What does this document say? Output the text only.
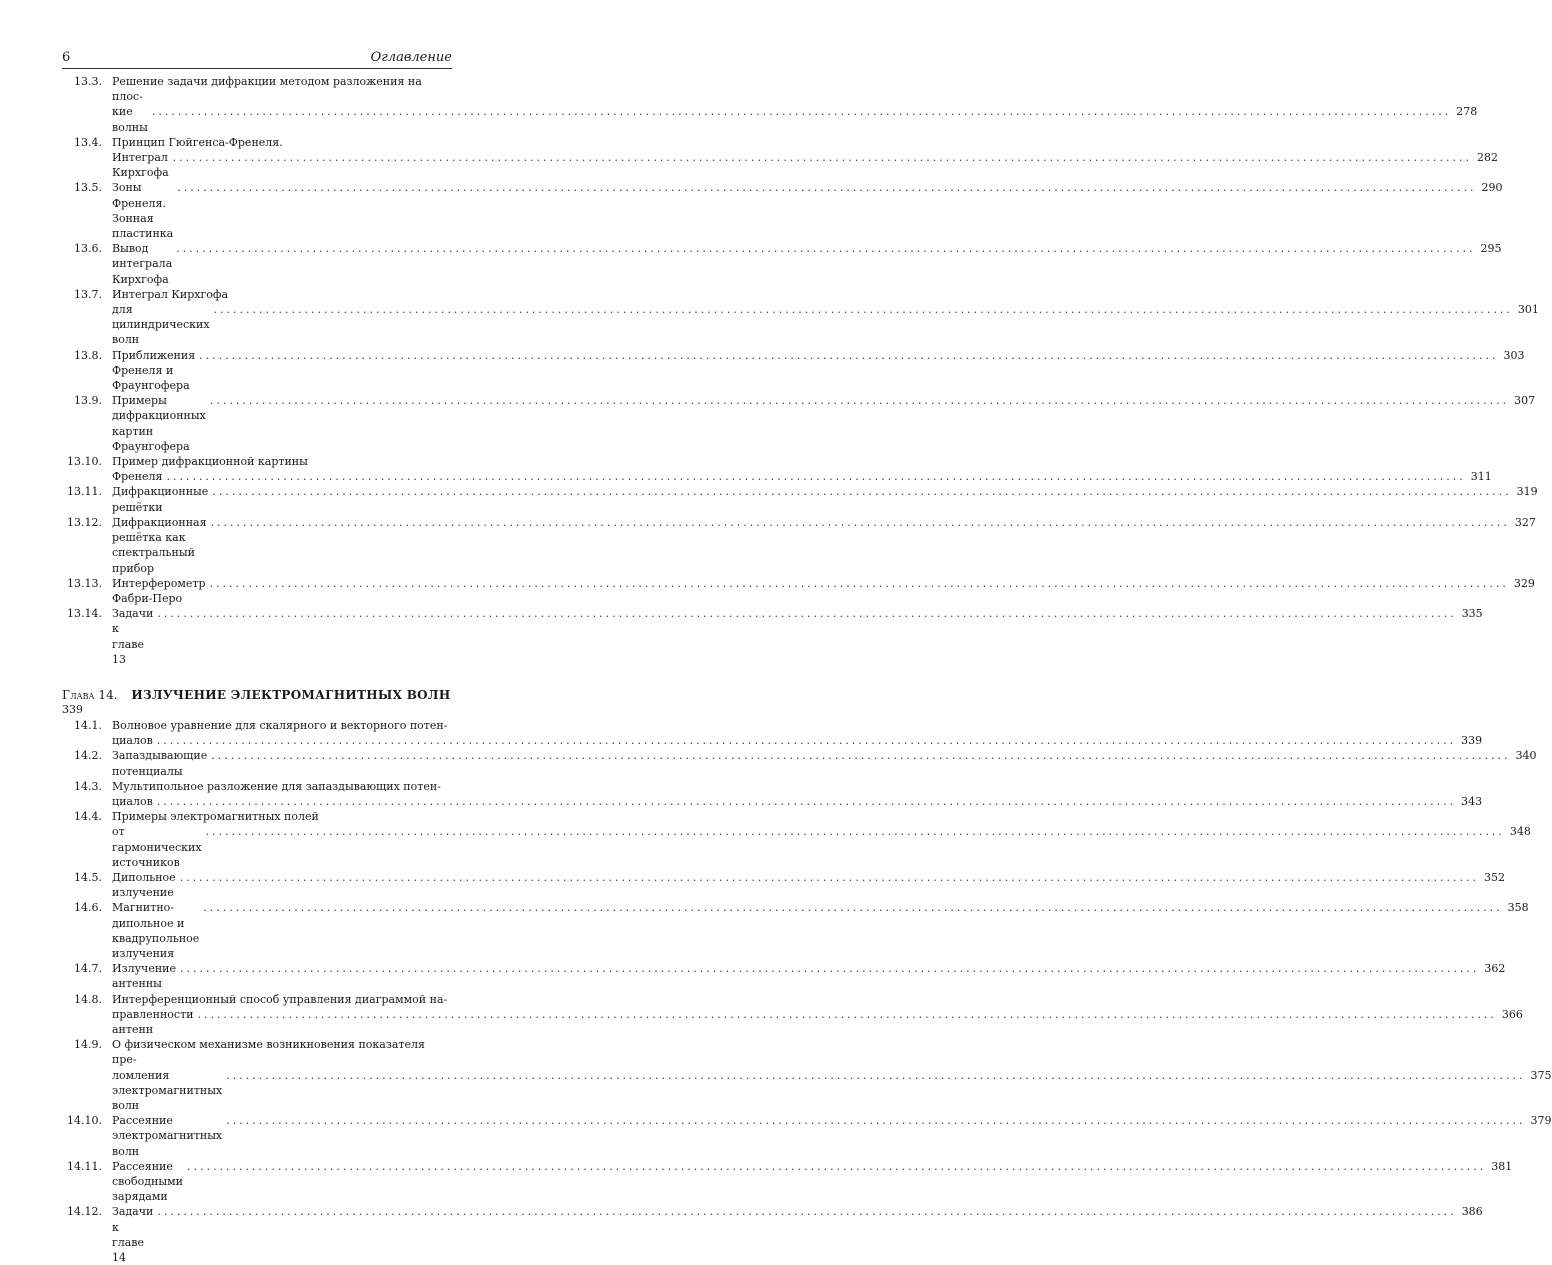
6	Оглавление
13.3. Решение задачи дифракции методом разложения на плос-
кие волны
........................................................................................................................................................................................................ 278
13.4. Принцип Гюйгенса-Френеля.
Интеграл Кирхгофа
........................................................................................................................................................................................................ 282
13.5. Зоны Френеля. Зонная пластинка
........................................................................................................................................................................................................ 290
13.6. Вывод интеграла Кирхгофа
........................................................................................................................................................................................................ 295
13.7. Интеграл Кирхгофа
для цилиндрических волн
........................................................................................................................................................................................................ 301
13.8. Приближения Френеля и Фраунгофера
........................................................................................................................................................................................................ 303
13.9. Примеры дифракционных картин Фраунгофера
........................................................................................................................................................................................................ 307
13.10. Пример дифракционной картины
Френеля ........................................................................................................................................................................................................ 311
13.11. Дифракционные решётки
........................................................................................................................................................................................................ 319
13.12. Дифракционная решётка как спектральный прибор
........................................................................................................................................................................................................ 327
13.13. Интерферометр Фабри-Перо
........................................................................................................................................................................................................ 329
13.14. Задачи к главе 13
........................................................................................................................................................................................................ 335
Глава 14. ИЗЛУЧЕНИЕ ЭЛЕКТРОМАГНИТНЫХ ВОЛН
339
14.1. Волновое уравнение для скалярного и векторного потен-
циалов ........................................................................................................................................................................................................ 339
14.2. Запаздывающие потенциалы
........................................................................................................................................................................................................ 340
14.3. Мультипольное разложение для запаздывающих потен-
циалов ........................................................................................................................................................................................................ 343
14.4. Примеры электромагнитных полей
от гармонических источников
........................................................................................................................................................................................................ 348
14.5. Дипольное излучение
........................................................................................................................................................................................................ 352
14.6. Магнитно-дипольное и квадрупольное излучения
........................................................................................................................................................................................................ 358
14.7. Излучение антенны
........................................................................................................................................................................................................ 362
14.8. Интерференционный способ управления диаграммой на-
правленности антенн
........................................................................................................................................................................................................ 366
14.9. О физическом механизме возникновения показателя пре-
ломления электромагнитных волн
........................................................................................................................................................................................................ 375
14.10. Рассеяние электромагнитных волн
........................................................................................................................................................................................................ 379
14.11. Рассеяние свободными зарядами
........................................................................................................................................................................................................ 381
14.12. Задачи к главе 14
........................................................................................................................................................................................................ 386
